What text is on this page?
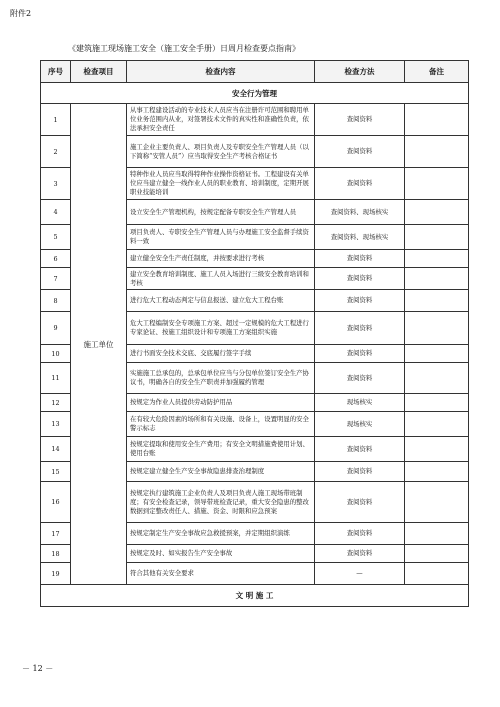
附件2
《建筑施工现场施工安全（施工安全手册）日周月检查要点指南》
序号	检查项目	检查内容	检查方法	备注
安全行为管理				
1	施工单位	从事工程建设活动的专业技术人员应当在注册许可范围和聘用单位业务范围内从业，对签署技术文件的真实性和准确性负责，依法承担安全责任	查阅资料	
2		施工企业主要负责人、项目负责人及专职安全生产管理人员（以下简称“安管人员”）应当取得安全生产考核合格证书	查阅资料	
3		特种作业人员应当取得特种作业操作资格证书。工程建设有关单位应当建立健全一线作业人员的职业教育、培训制度，定期开展职业技能培训	查阅资料	
4		设立安全生产管理机构，按规定配备专职安全生产管理人员	查阅资料、现场核实	
5		项目负责人、专职安全生产管理人员与办理施工安全监督手续资料一致	查阅资料、现场核实	
6		建立健全安全生产责任制度，并按要求进行考核	查阅资料	
7		建立安全教育培训制度、施工人员入场进行三级安全教育培训和考核	查阅资料	
8		进行危大工程动态判定与信息报送、建立危大工程台账	查阅资料	
9		危大工程编制安全专项施工方案、超过一定规模的危大工程进行专家论证、按施工组织设计和专项施工方案组织实施	查阅资料	
10		进行书面安全技术交底、交底履行签字手续	查阅资料	
11		实施施工总承包的，总承包单位应当与分包单位签订安全生产协议书，明确各自的安全生产职责并加强履约管理	查阅资料	
12		按规定为作业人员提供劳动防护用品	现场核实	
13		在有较大危险因素的场所和有关设施、设备上，设置明显的安全警示标志	现场核实	
14		按规定提取和使用安全生产费用；有安全文明措施费使用计划、使用台账	查阅资料	
15		按规定建立健全生产安全事故隐患排查治理制度	查阅资料	
16		按规定执行建筑施工企业负责人及项目负责人施工现场带班制度；有安全检查记录，领导带班检查记录，重大安全隐患的整改数据到定整改责任人、措施、资金、时限和应急预案	查阅资料	
17		按规定制定生产安全事故应急救援预案，并定期组织演练	查阅资料	
18		按规定及时、如实报告生产安全事故	查阅资料	
19		符合其他有关安全要求	—	
文 明 施 工				
－ 12 －
